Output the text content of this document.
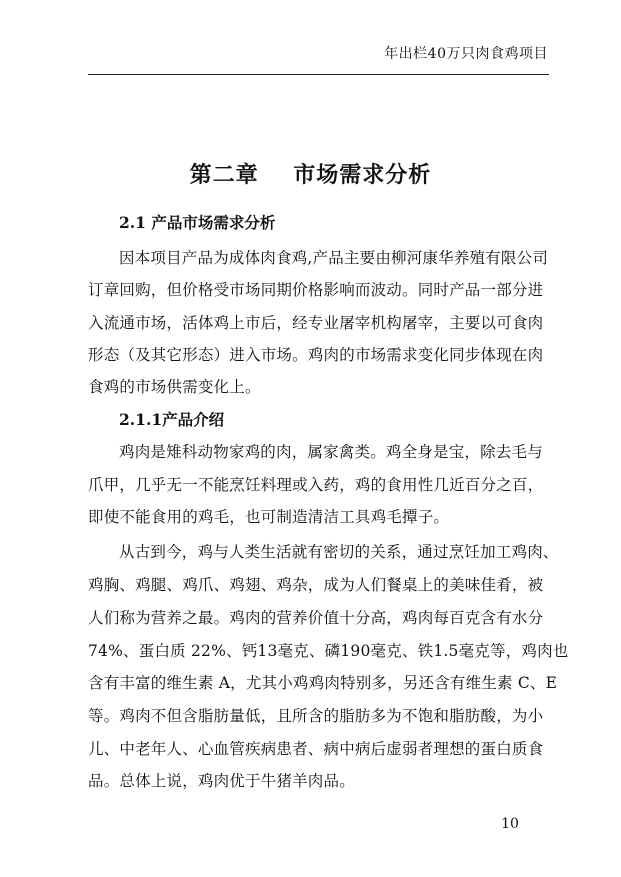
年出栏40万只肉食鸡项目
第二章    市场需求分析
2.1 产品市场需求分析
因本项目产品为成体肉食鸡,产品主要由柳河康华养殖有限公司
订章回购，但价格受市场同期价格影响而波动。同时产品一部分进
入流通市场，活体鸡上市后，经专业屠宰机构屠宰，主要以可食肉
形态（及其它形态）进入市场。鸡肉的市场需求变化同步体现在肉
食鸡的市场供需变化上。
2.1.1产品介绍
鸡肉是雉科动物家鸡的肉，属家禽类。鸡全身是宝，除去毛与
爪甲，几乎无一不能烹饪料理或入药，鸡的食用性几近百分之百，
即使不能食用的鸡毛，也可制造清洁工具鸡毛撢子。
从古到今，鸡与人类生活就有密切的关系，通过烹饪加工鸡肉、
鸡胸、鸡腿、鸡爪、鸡翅、鸡杂，成为人们餐桌上的美味佳肴，被
人们称为营养之最。鸡肉的营养价值十分高，鸡肉每百克含有水分
74%、蛋白质 22%、钙13毫克、磷190毫克、铁1.5毫克等，鸡肉也
含有丰富的维生素 A，尤其小鸡鸡肉特别多，另还含有维生素 C、E
等。鸡肉不但含脂肪量低，且所含的脂肪多为不饱和脂肪酸，为小
儿、中老年人、心血管疾病患者、病中病后虚弱者理想的蛋白质食
品。总体上说，鸡肉优于牛猪羊肉品。
10
